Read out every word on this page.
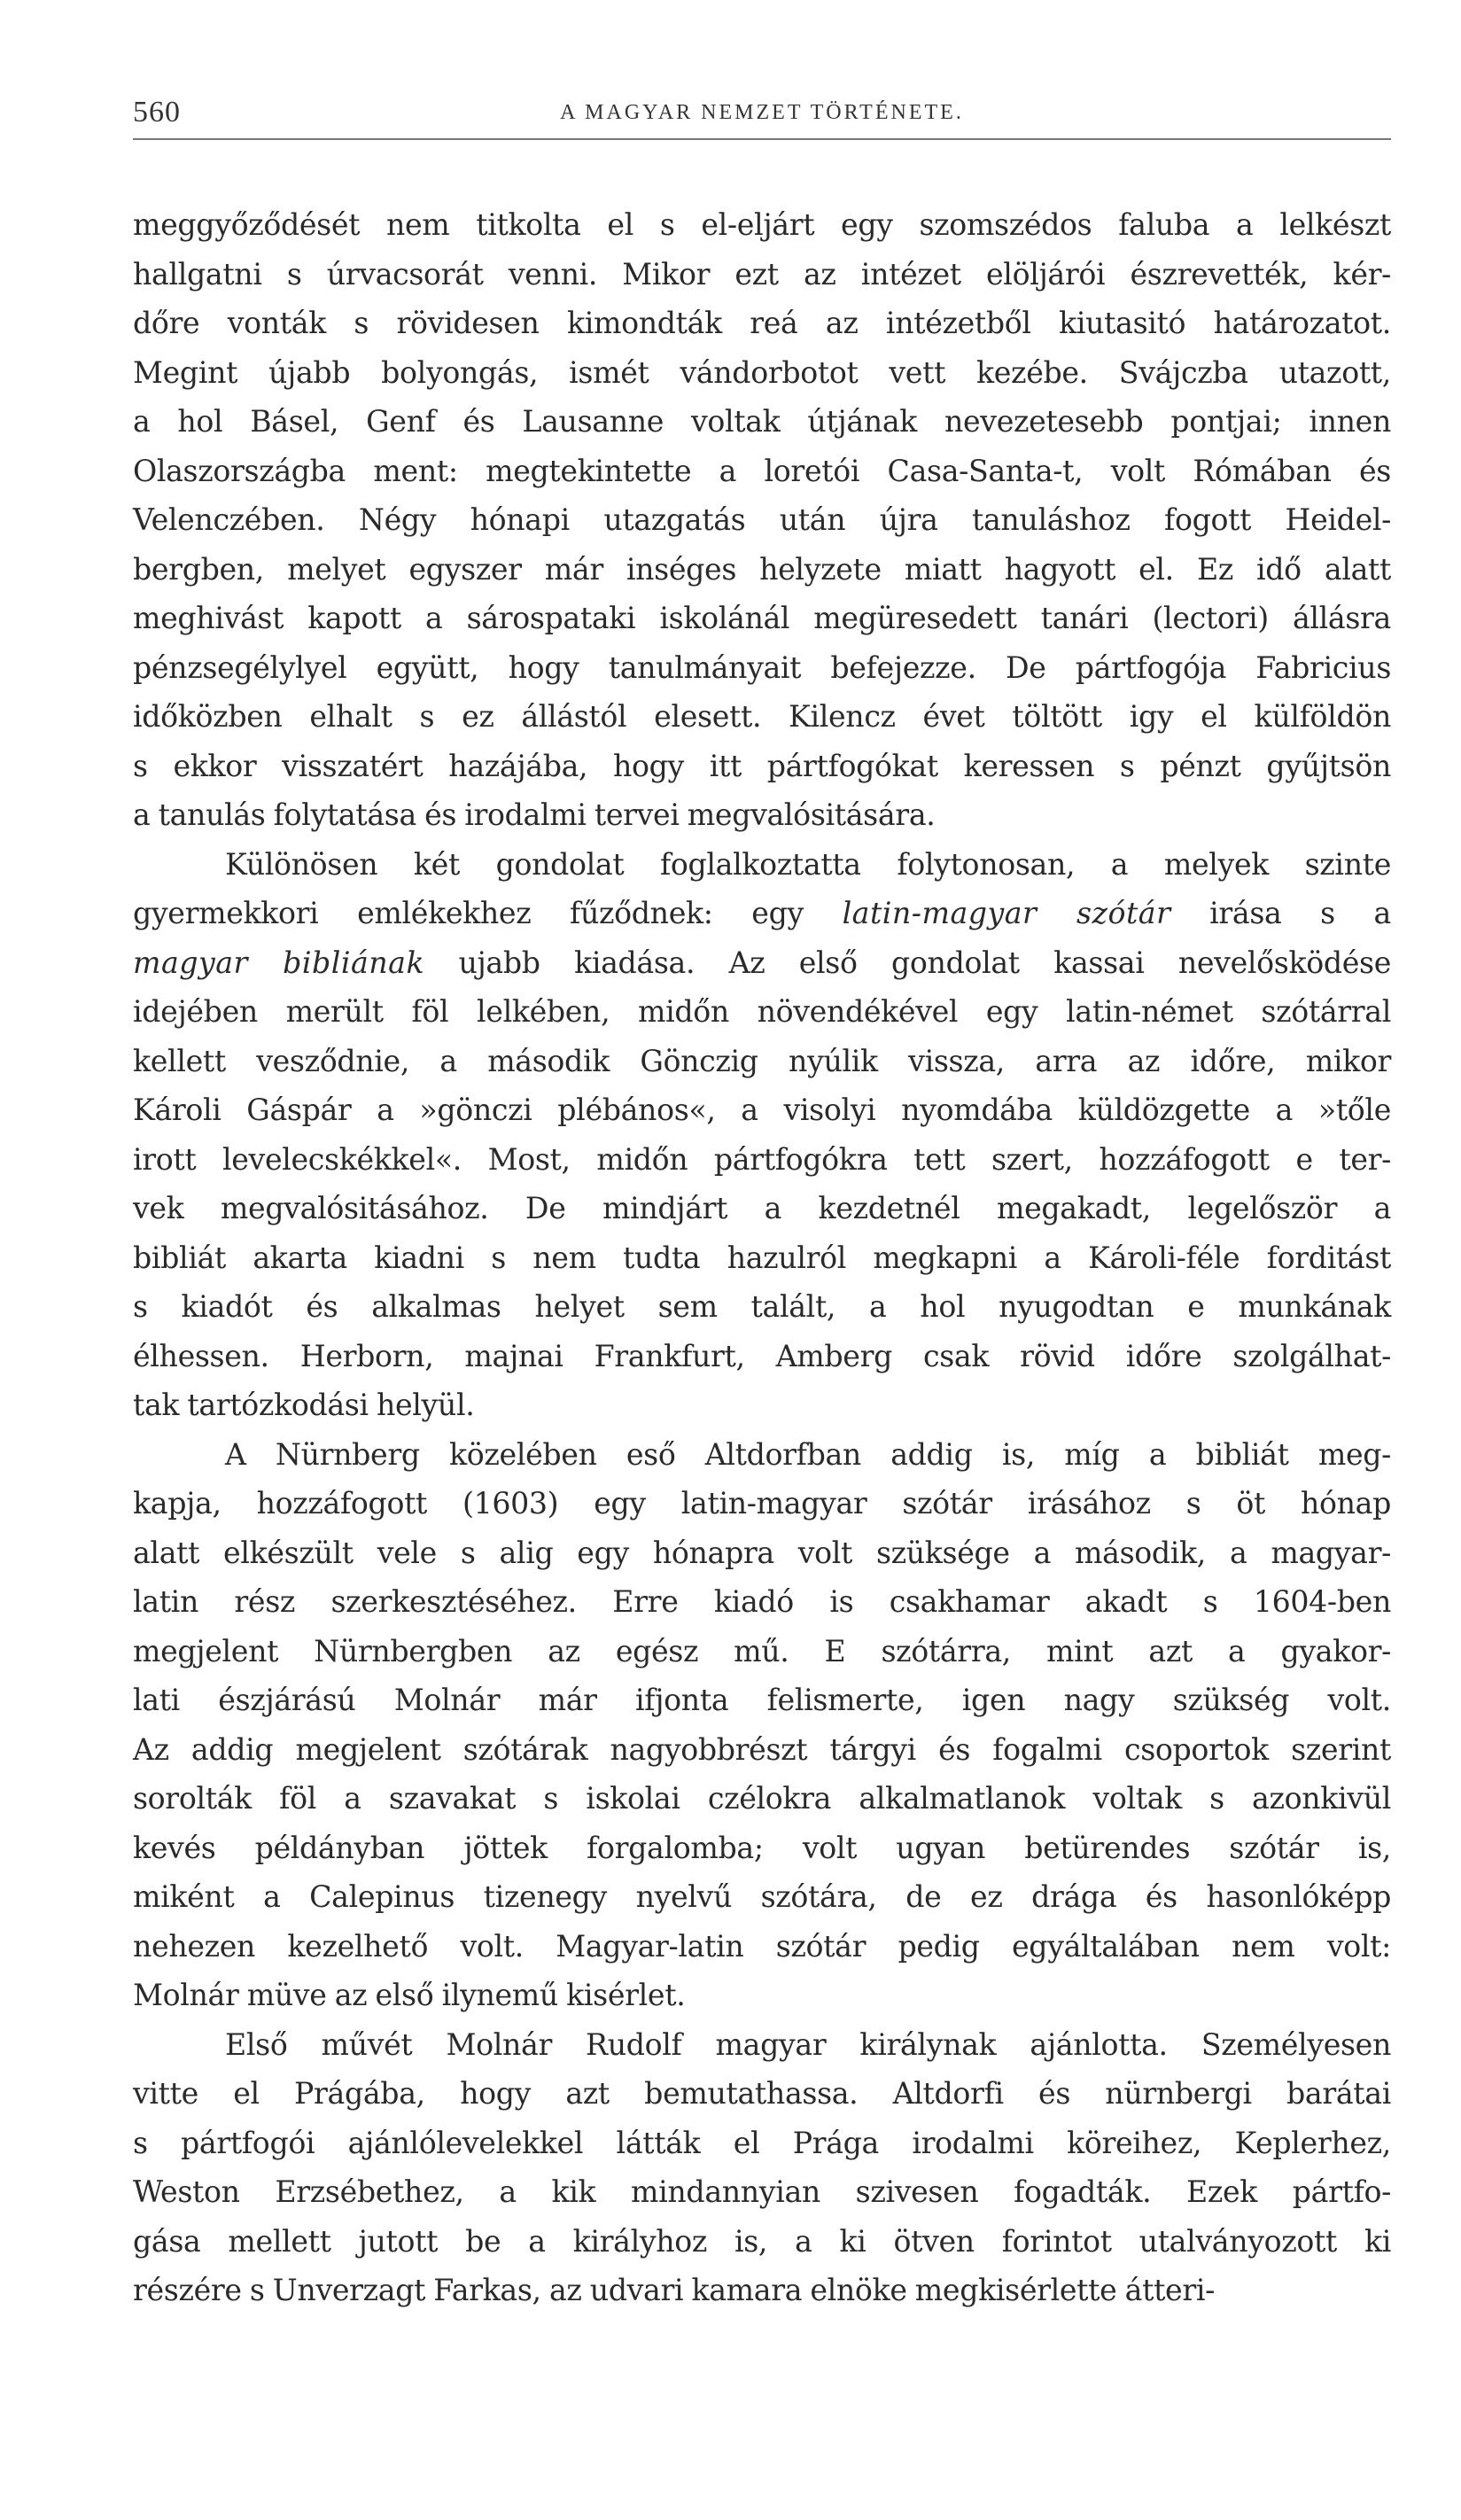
560	A MAGYAR NEMZET TÖRTÉNETE.
meggyőződését nem titkolta el s el-eljárt egy szomszédos faluba a lelkészt
hallgatni s úrvacsorát venni. Mikor ezt az intézet elöljárói észrevették, kér-
dőre vonták s rövidesen kimondták reá az intézetből kiutasitó határozatot.
Megint újabb bolyongás, ismét vándorbotot vett kezébe. Svájczba utazott,
a hol Básel, Genf és Lausanne voltak útjának nevezetesebb pontjai; innen
Olaszországba ment: megtekintette a loretói Casa-Santa-t, volt Rómában és
Velenczében. Négy hónapi utazgatás után újra tanuláshoz fogott Heidel-
bergben, melyet egyszer már inséges helyzete miatt hagyott el. Ez idő alatt
meghivást kapott a sárospataki iskolánál megüresedett tanári (lectori) állásra
pénzsegélylyel együtt, hogy tanulmányait befejezze. De pártfogója Fabricius
időközben elhalt s ez állástól elesett. Kilencz évet töltött igy el külföldön
s ekkor visszatért hazájába, hogy itt pártfogókat keressen s pénzt gyűjtsön
a tanulás folytatása és irodalmi tervei megvalósitására.
Különösen két gondolat foglalkoztatta folytonosan, a melyek szinte
gyermekkori emlékekhez fűződnek: egy latin-magyar szótár irása s a
magyar bibliának ujabb kiadása. Az első gondolat kassai nevelősködése
idejében merült föl lelkében, midőn növendékével egy latin-német szótárral
kellett vesződnie, a második Gönczig nyúlik vissza, arra az időre, mikor
Károli Gáspár a »gönczi plébános«, a visolyi nyomdába küldözgette a »tőle
irott levelecskékkel«. Most, midőn pártfogókra tett szert, hozzáfogott e ter-
vek megvalósitásához. De mindjárt a kezdetnél megakadt, legelőször a
bibliát akarta kiadni s nem tudta hazulról megkapni a Károli-féle forditást
s kiadót és alkalmas helyet sem talált, a hol nyugodtan e munkának
élhessen. Herborn, majnai Frankfurt, Amberg csak rövid időre szolgálhat-
tak tartózkodási helyül.
A Nürnberg közelében eső Altdorfban addig is, míg a bibliát meg-
kapja, hozzáfogott (1603) egy latin-magyar szótár irásához s öt hónap
alatt elkészült vele s alig egy hónapra volt szüksége a második, a magyar-
latin rész szerkesztéséhez. Erre kiadó is csakhamar akadt s 1604-ben
megjelent Nürnbergben az egész mű. E szótárra, mint azt a gyakor-
lati észjárású Molnár már ifjonta felismerte, igen nagy szükség volt.
Az addig megjelent szótárak nagyobbrészt tárgyi és fogalmi csoportok szerint
sorolták föl a szavakat s iskolai czélokra alkalmatlanok voltak s azonkivül
kevés példányban jöttek forgalomba; volt ugyan betürendes szótár is,
miként a Calepinus tizenegy nyelvű szótára, de ez drága és hasonlóképp
nehezen kezelhető volt. Magyar-latin szótár pedig egyáltalában nem volt:
Molnár müve az első ilynemű kisérlet.
Első művét Molnár Rudolf magyar királynak ajánlotta. Személyesen
vitte el Prágába, hogy azt bemutathassa. Altdorfi és nürnbergi barátai
s pártfogói ajánlólevelekkel látták el Prága irodalmi köreihez, Keplerhez,
Weston Erzsébethez, a kik mindannyian szivesen fogadták. Ezek pártfo-
gása mellett jutott be a királyhoz is, a ki ötven forintot utalványozott ki
részére s Unverzagt Farkas, az udvari kamara elnöke megkisérlette átteri-
